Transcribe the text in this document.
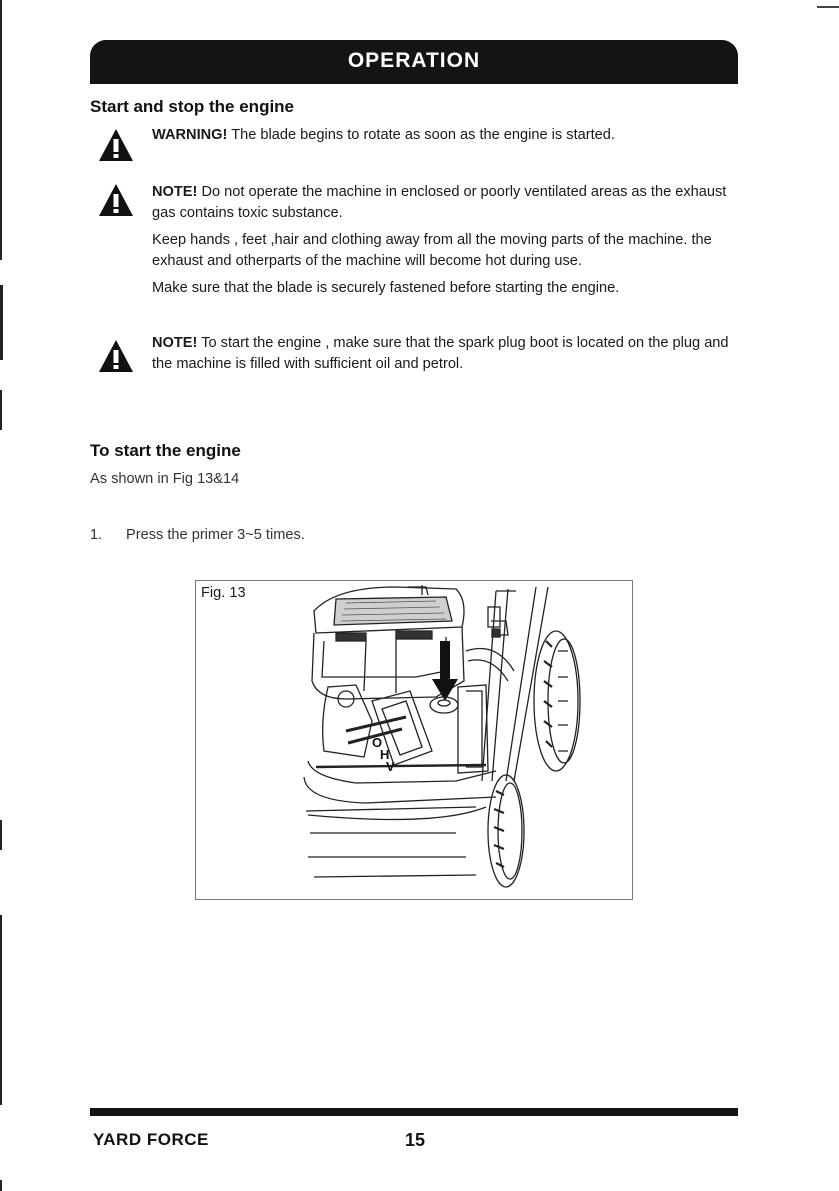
OPERATION
Start and stop the engine
WARNING! The blade begins to rotate as soon as the engine is started.
NOTE! Do not operate the machine in enclosed or poorly ventilated areas as the exhaust gas contains toxic substance.
Keep hands , feet ,hair and clothing away from all the moving parts of the machine. the exhaust and otherparts of the machine will become hot during use.
Make sure that the blade is securely fastened before starting the engine.
NOTE! To start the engine , make sure that the spark plug boot is located on the plug and the machine is filled with sufficient oil and petrol.
To start the engine
As shown in Fig 13&14
1. Press the primer 3~5 times.
Fig. 13
O
H
V
YARD FORCE	15
